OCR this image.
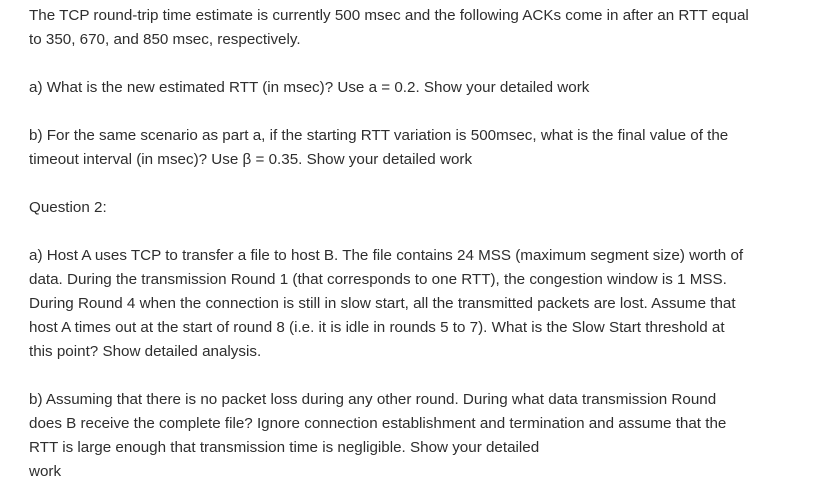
The TCP round-trip time estimate is currently 500 msec and the following ACKs come in after an RTT equal
to 350, 670, and 850 msec, respectively.
a) What is the new estimated RTT (in msec)? Use a = 0.2. Show your detailed work
b) For the same scenario as part a, if the starting RTT variation is 500msec, what is the final value of the
timeout interval (in msec)? Use β = 0.35. Show your detailed work
Question 2:
a) Host A uses TCP to transfer a file to host B. The file contains 24 MSS (maximum segment size) worth of
data. During the transmission Round 1 (that corresponds to one RTT), the congestion window is 1 MSS.
During Round 4 when the connection is still in slow start, all the transmitted packets are lost. Assume that
host A times out at the start of round 8 (i.e. it is idle in rounds 5 to 7). What is the Slow Start threshold at
this point? Show detailed analysis.
b) Assuming that there is no packet loss during any other round. During what data transmission Round
does B receive the complete file? Ignore connection establishment and termination and assume that the
RTT is large enough that transmission time is negligible. Show your detailed
work
